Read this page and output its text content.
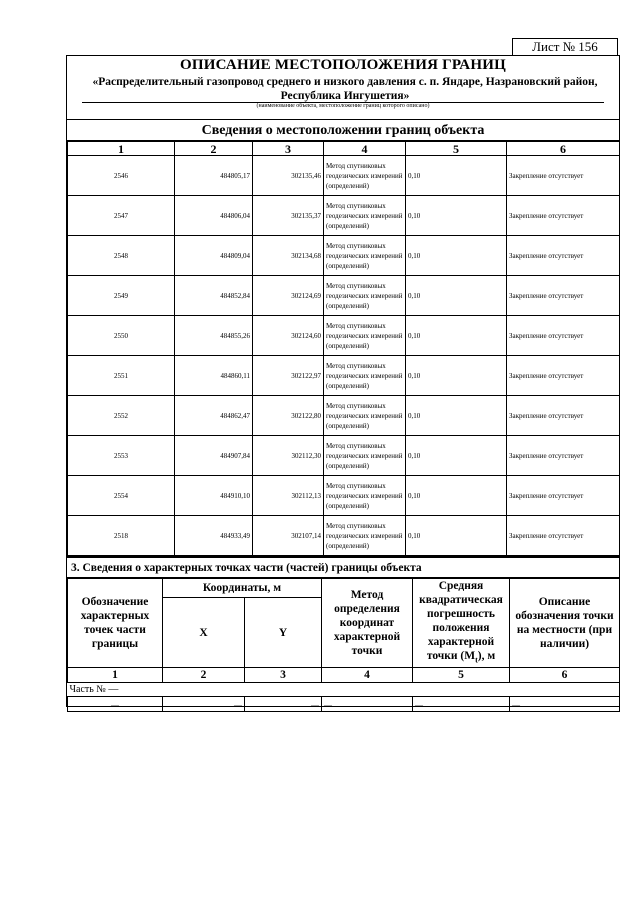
Лист № 156
ОПИСАНИЕ МЕСТОПОЛОЖЕНИЯ ГРАНИЦ
«Распределительный газопровод среднего и низкого давления с. п. Яндаре, Назрановский район, Республика Ингушетия»
(наименование объекта, местоположение границ которого описано)
Сведения о местоположении границ объекта
1	2	3	4	5	6
2546	484805,17	302135,46	Метод спутниковых геодезических измерений (определений)	0,10	Закрепление отсутствует
2547	484806,04	302135,37	Метод спутниковых геодезических измерений (определений)	0,10	Закрепление отсутствует
2548	484809,04	302134,68	Метод спутниковых геодезических измерений (определений)	0,10	Закрепление отсутствует
2549	484852,84	302124,69	Метод спутниковых геодезических измерений (определений)	0,10	Закрепление отсутствует
2550	484855,26	302124,60	Метод спутниковых геодезических измерений (определений)	0,10	Закрепление отсутствует
2551	484860,11	302122,97	Метод спутниковых геодезических измерений (определений)	0,10	Закрепление отсутствует
2552	484862,47	302122,80	Метод спутниковых геодезических измерений (определений)	0,10	Закрепление отсутствует
2553	484907,84	302112,30	Метод спутниковых геодезических измерений (определений)	0,10	Закрепление отсутствует
2554	484910,10	302112,13	Метод спутниковых геодезических измерений (определений)	0,10	Закрепление отсутствует
2518	484933,49	302107,14	Метод спутниковых геодезических измерений (определений)	0,10	Закрепление отсутствует
3. Сведения о характерных точках части (частей) границы объекта
Обозначение характерных точек части границы	Координаты, м		Метод определения координат характерной точки	Средняя квадратическая погрешность положения характерной точки $(М_t)$, м	Описание обозначения точки на местности (при наличии)
	X	Y			
1	2	3	4	5	6
Часть № —					
—	—	—	—	—	—
